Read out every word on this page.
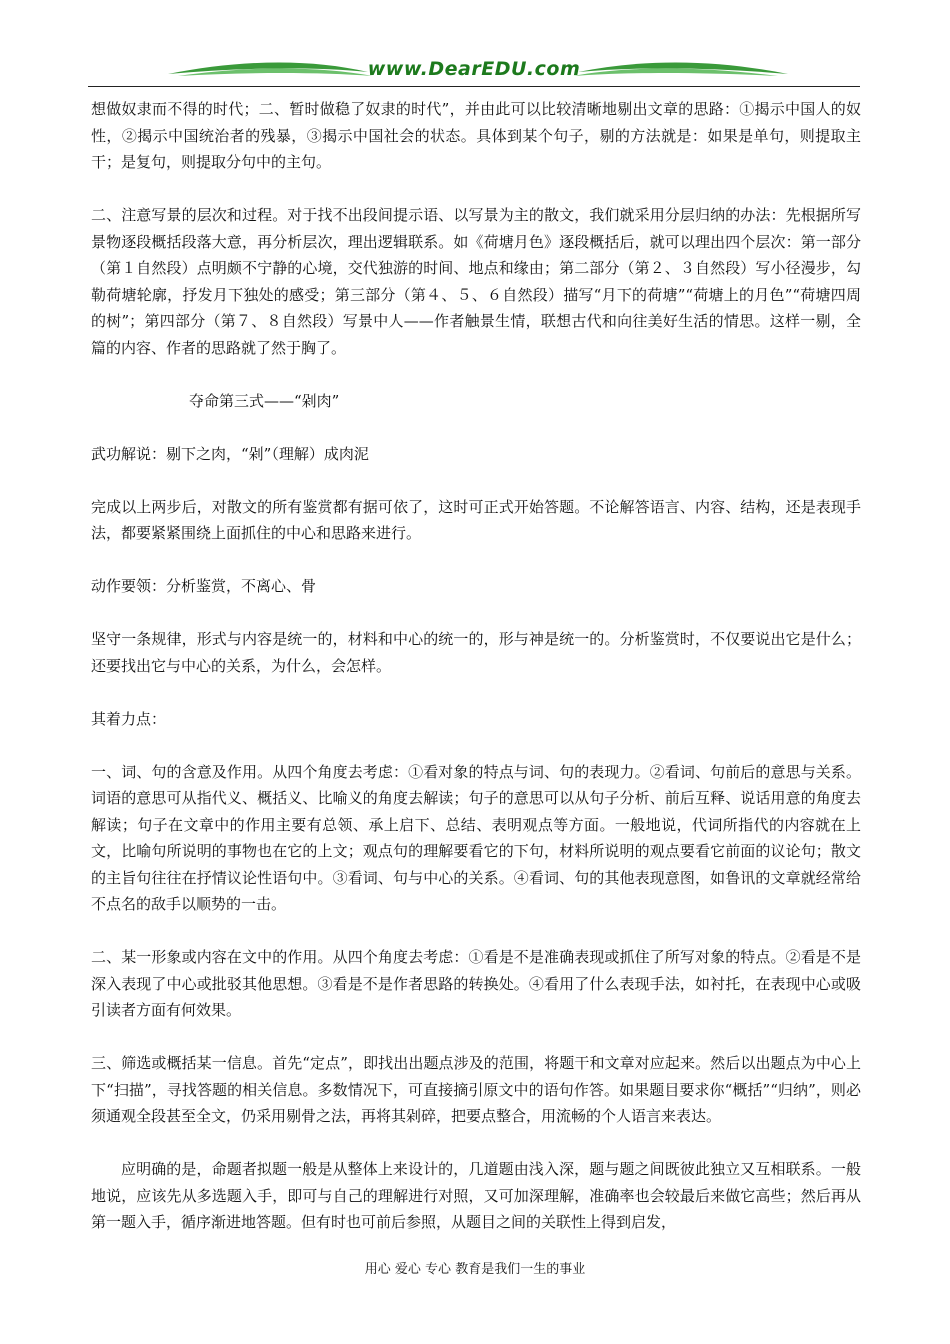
www.DearEDU.com

想做奴隶而不得的时代；二、暂时做稳了奴隶的时代”，并由此可以比较清晰地剔出文章的思路：①揭示中国人的奴性，②揭示中国统治者的残暴，③揭示中国社会的状态。具体到某个句子，剔的方法就是：如果是单句，则提取主干；是复句，则提取分句中的主句。

二、注意写景的层次和过程。对于找不出段间提示语、以写景为主的散文，我们就采用分层归纳的办法：先根据所写景物逐段概括段落大意，再分析层次，理出逻辑联系。如《荷塘月色》逐段概括后，就可以理出四个层次：第一部分（第１自然段）点明颇不宁静的心境，交代独游的时间、地点和缘由；第二部分（第２、３自然段）写小径漫步，勾勒荷塘轮廓，抒发月下独处的感受；第三部分（第４、５、６自然段）描写“月下的荷塘”“荷塘上的月色”“荷塘四周的树”；第四部分（第７、８自然段）写景中人——作者触景生情，联想古代和向往美好生活的情思。这样一剔，全篇的内容、作者的思路就了然于胸了。

夺命第三式——“剁肉”

武功解说：剔下之肉，“剁”（理解）成肉泥

完成以上两步后，对散文的所有鉴赏都有据可依了，这时可正式开始答题。不论解答语言、内容、结构，还是表现手法，都要紧紧围绕上面抓住的中心和思路来进行。

动作要领：分析鉴赏，不离心、骨

坚守一条规律，形式与内容是统一的，材料和中心的统一的，形与神是统一的。分析鉴赏时，不仅要说出它是什么；还要找出它与中心的关系，为什么，会怎样。

其着力点：

一、词、句的含意及作用。从四个角度去考虑：①看对象的特点与词、句的表现力。②看词、句前后的意思与关系。词语的意思可从指代义、概括义、比喻义的角度去解读；句子的意思可以从句子分析、前后互释、说话用意的角度去解读；句子在文章中的作用主要有总领、承上启下、总结、表明观点等方面。一般地说，代词所指代的内容就在上文，比喻句所说明的事物也在它的上文；观点句的理解要看它的下句，材料所说明的观点要看它前面的议论句；散文的主旨句往往在抒情议论性语句中。③看词、句与中心的关系。④看词、句的其他表现意图，如鲁讯的文章就经常给不点名的敌手以顺势的一击。

二、某一形象或内容在文中的作用。从四个角度去考虑：①看是不是准确表现或抓住了所写对象的特点。②看是不是深入表现了中心或批驳其他思想。③看是不是作者思路的转换处。④看用了什么表现手法，如衬托，在表现中心或吸引读者方面有何效果。

三、筛选或概括某一信息。首先“定点”，即找出出题点涉及的范围，将题干和文章对应起来。然后以出题点为中心上下“扫描”，寻找答题的相关信息。多数情况下，可直接摘引原文中的语句作答。如果题目要求你“概括”“归纳”，则必须通观全段甚至全文，仍采用剔骨之法，再将其剁碎，把要点整合，用流畅的个人语言来表达。

应明确的是，命题者拟题一般是从整体上来设计的，几道题由浅入深，题与题之间既彼此独立又互相联系。一般地说，应该先从多选题入手，即可与自己的理解进行对照，又可加深理解，准确率也会较最后来做它高些；然后再从第一题入手，循序渐进地答题。但有时也可前后参照，从题目之间的关联性上得到启发，

用心 爱心 专心 教育是我们一生的事业
